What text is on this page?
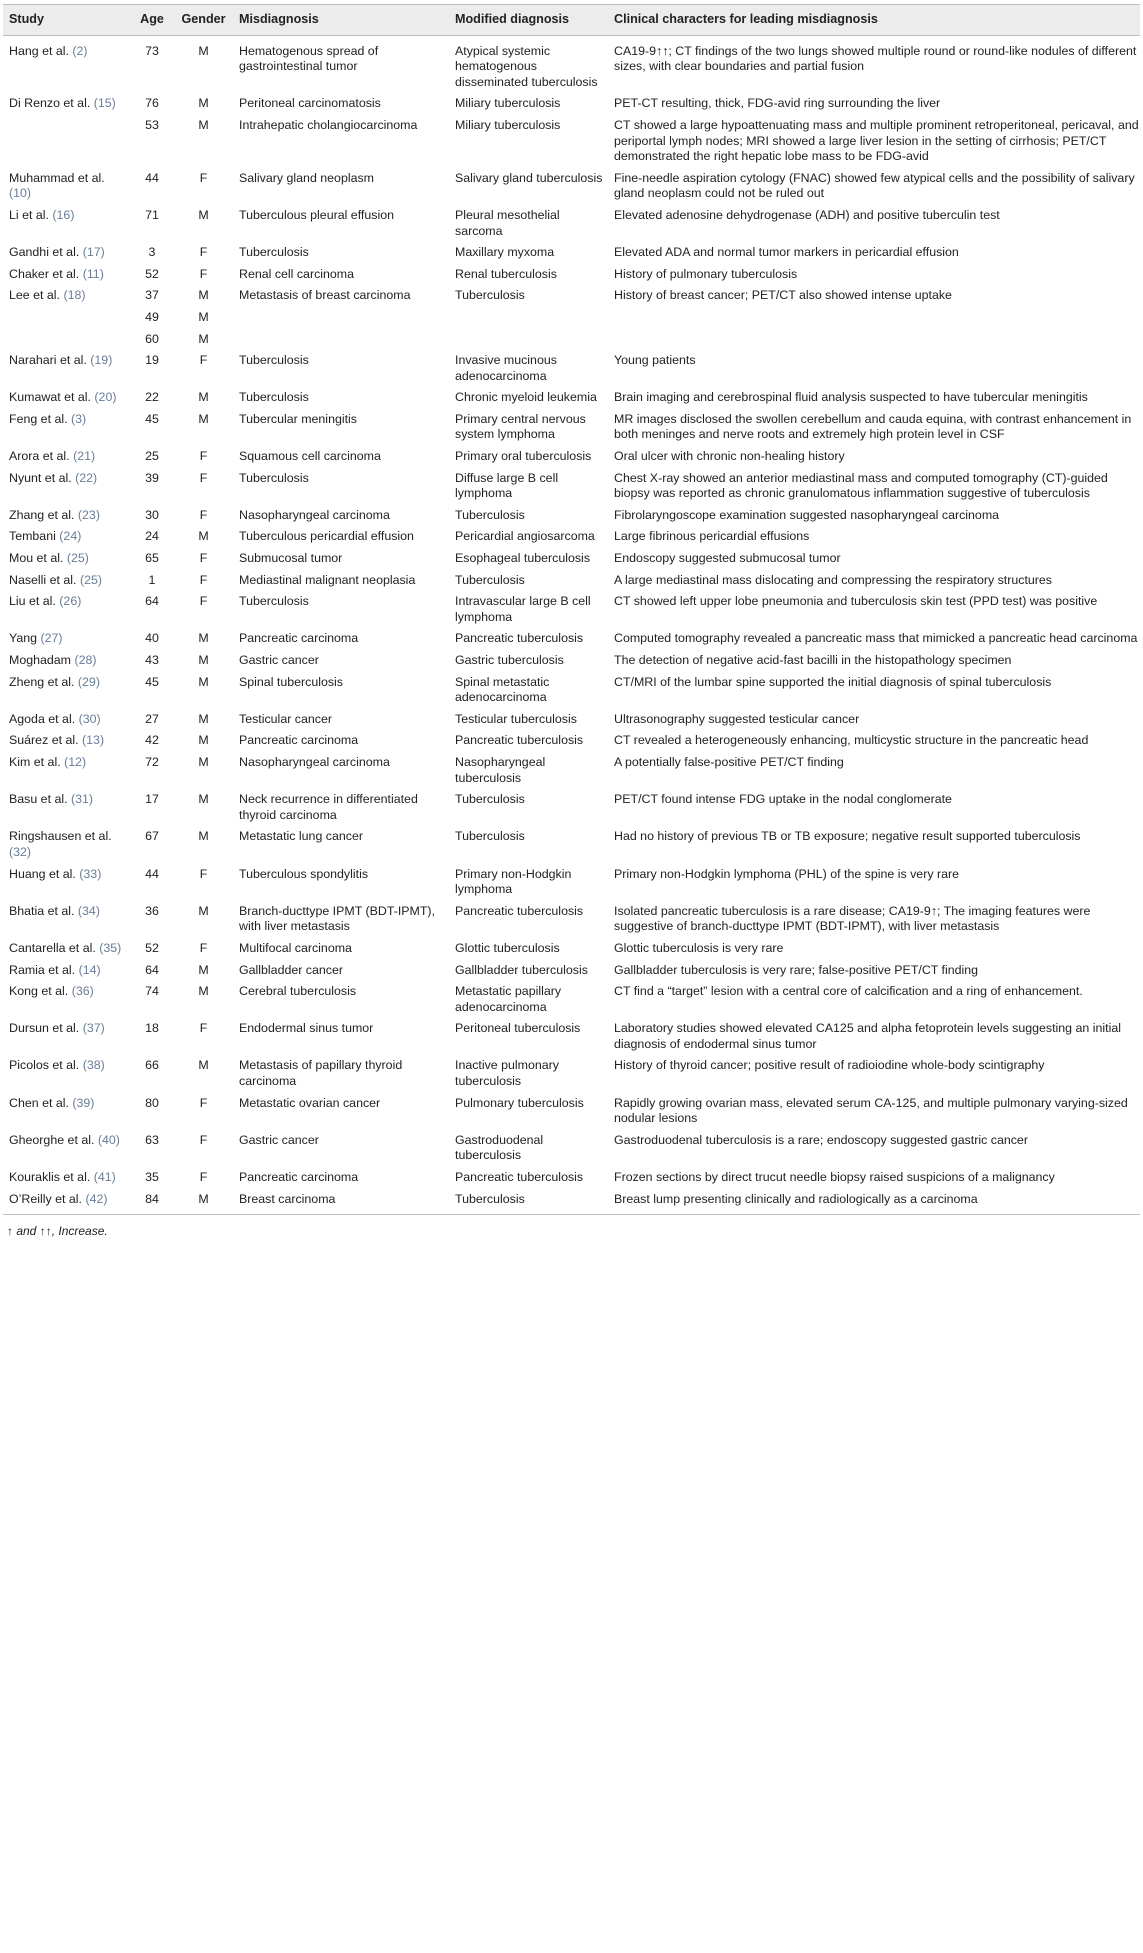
Study	Age	Gender	Misdiagnosis	Modified diagnosis	Clinical characters for leading misdiagnosis
Hang et al. (2)	73	M	Hematogenous spread of gastrointestinal tumor	Atypical systemic hematogenous disseminated tuberculosis	CA19-9↑↑; CT findings of the two lungs showed multiple round or round-like nodules of different sizes, with clear boundaries and partial fusion
Di Renzo et al. (15)	76	M	Peritoneal carcinomatosis	Miliary tuberculosis	PET-CT resulting, thick, FDG-avid ring surrounding the liver
	53	M	Intrahepatic cholangiocarcinoma	Miliary tuberculosis	CT showed a large hypoattenuating mass and multiple prominent retroperitoneal, pericaval, and periportal lymph nodes; MRI showed a large liver lesion in the setting of cirrhosis; PET/CT demonstrated the right hepatic lobe mass to be FDG-avid
Muhammad et al. (10)	44	F	Salivary gland neoplasm	Salivary gland tuberculosis	Fine-needle aspiration cytology (FNAC) showed few atypical cells and the possibility of salivary gland neoplasm could not be ruled out
Li et al. (16)	71	M	Tuberculous pleural effusion	Pleural mesothelial sarcoma	Elevated adenosine dehydrogenase (ADH) and positive tuberculin test
Gandhi et al. (17)	3	F	Tuberculosis	Maxillary myxoma	Elevated ADA and normal tumor markers in pericardial effusion
Chaker et al. (11)	52	F	Renal cell carcinoma	Renal tuberculosis	History of pulmonary tuberculosis
Lee et al. (18)	37	M	Metastasis of breast carcinoma	Tuberculosis	History of breast cancer; PET/CT also showed intense uptake
	49	M			
	60	M			
Narahari et al. (19)	19	F	Tuberculosis	Invasive mucinous adenocarcinoma	Young patients
Kumawat et al. (20)	22	M	Tuberculosis	Chronic myeloid leukemia	Brain imaging and cerebrospinal fluid analysis suspected to have tubercular meningitis
Feng et al. (3)	45	M	Tubercular meningitis	Primary central nervous system lymphoma	MR images disclosed the swollen cerebellum and cauda equina, with contrast enhancement in both meninges and nerve roots and extremely high protein level in CSF
Arora et al. (21)	25	F	Squamous cell carcinoma	Primary oral tuberculosis	Oral ulcer with chronic non-healing history
Nyunt et al. (22)	39	F	Tuberculosis	Diffuse large B cell lymphoma	Chest X-ray showed an anterior mediastinal mass and computed tomography (CT)-guided biopsy was reported as chronic granulomatous inflammation suggestive of tuberculosis
Zhang et al. (23)	30	F	Nasopharyngeal carcinoma	Tuberculosis	Fibrolaryngoscope examination suggested nasopharyngeal carcinoma
Tembani (24)	24	M	Tuberculous pericardial effusion	Pericardial angiosarcoma	Large fibrinous pericardial effusions
Mou et al. (25)	65	F	Submucosal tumor	Esophageal tuberculosis	Endoscopy suggested submucosal tumor
Naselli et al. (25)	1	F	Mediastinal malignant neoplasia	Tuberculosis	A large mediastinal mass dislocating and compressing the respiratory structures
Liu et al. (26)	64	F	Tuberculosis	Intravascular large B cell lymphoma	CT showed left upper lobe pneumonia and tuberculosis skin test (PPD test) was positive
Yang (27)	40	M	Pancreatic carcinoma	Pancreatic tuberculosis	Computed tomography revealed a pancreatic mass that mimicked a pancreatic head carcinoma
Moghadam (28)	43	M	Gastric cancer	Gastric tuberculosis	The detection of negative acid-fast bacilli in the histopathology specimen
Zheng et al. (29)	45	M	Spinal tuberculosis	Spinal metastatic adenocarcinoma	CT/MRI of the lumbar spine supported the initial diagnosis of spinal tuberculosis
Agoda et al. (30)	27	M	Testicular cancer	Testicular tuberculosis	Ultrasonography suggested testicular cancer
Suárez et al. (13)	42	M	Pancreatic carcinoma	Pancreatic tuberculosis	CT revealed a heterogeneously enhancing, multicystic structure in the pancreatic head
Kim et al. (12)	72	M	Nasopharyngeal carcinoma	Nasopharyngeal tuberculosis	A potentially false-positive PET/CT finding
Basu et al. (31)	17	M	Neck recurrence in differentiated thyroid carcinoma	Tuberculosis	PET/CT found intense FDG uptake in the nodal conglomerate
Ringshausen et al. (32)	67	M	Metastatic lung cancer	Tuberculosis	Had no history of previous TB or TB exposure; negative result supported tuberculosis
Huang et al. (33)	44	F	Tuberculous spondylitis	Primary non-Hodgkin lymphoma	Primary non-Hodgkin lymphoma (PHL) of the spine is very rare
Bhatia et al. (34)	36	M	Branch-ducttype IPMT (BDT-IPMT), with liver metastasis	Pancreatic tuberculosis	Isolated pancreatic tuberculosis is a rare disease; CA19-9↑; The imaging features were suggestive of branch-ducttype IPMT (BDT-IPMT), with liver metastasis
Cantarella et al. (35)	52	F	Multifocal carcinoma	Glottic tuberculosis	Glottic tuberculosis is very rare
Ramia et al. (14)	64	M	Gallbladder cancer	Gallbladder tuberculosis	Gallbladder tuberculosis is very rare; false-positive PET/CT finding
Kong et al. (36)	74	M	Cerebral tuberculosis	Metastatic papillary adenocarcinoma	CT find a “target” lesion with a central core of calcification and a ring of enhancement.
Dursun et al. (37)	18	F	Endodermal sinus tumor	Peritoneal tuberculosis	Laboratory studies showed elevated CA125 and alpha fetoprotein levels suggesting an initial diagnosis of endodermal sinus tumor
Picolos et al. (38)	66	M	Metastasis of papillary thyroid carcinoma	Inactive pulmonary tuberculosis	History of thyroid cancer; positive result of radioiodine whole-body scintigraphy
Chen et al. (39)	80	F	Metastatic ovarian cancer	Pulmonary tuberculosis	Rapidly growing ovarian mass, elevated serum CA-125, and multiple pulmonary varying-sized nodular lesions
Gheorghe et al. (40)	63	F	Gastric cancer	Gastroduodenal tuberculosis	Gastroduodenal tuberculosis is a rare; endoscopy suggested gastric cancer
Kouraklis et al. (41)	35	F	Pancreatic carcinoma	Pancreatic tuberculosis	Frozen sections by direct trucut needle biopsy raised suspicions of a malignancy
O’Reilly et al. (42)	84	M	Breast carcinoma	Tuberculosis	Breast lump presenting clinically and radiologically as a carcinoma
↑ and ↑↑, Increase.
